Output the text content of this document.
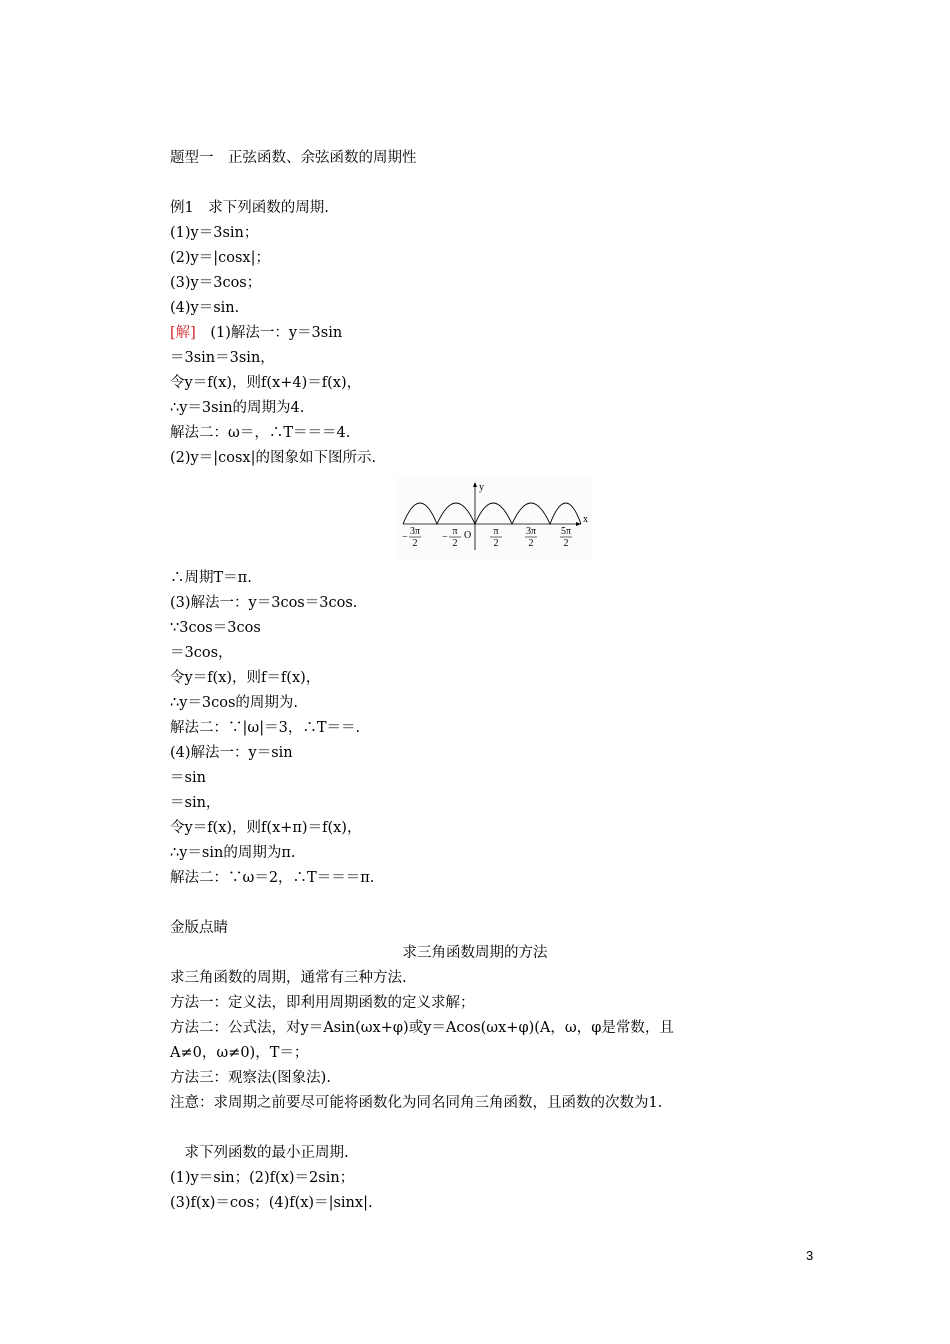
题型一　正弦函数、余弦函数的周期性
例1　求下列函数的周期.
(1)y＝3sin；
(2)y＝|cosx|；
(3)y＝3cos；
(4)y＝sin.
[解]　(1)解法一：y＝3sin
＝3sin＝3sin，
令y＝f(x)，则f(x+4)＝f(x)，
∴y＝3sin的周期为4.
解法二：ω＝，∴T＝＝＝4.
(2)y＝|cosx|的图象如下图所示.
x
y
O
−
3π
2
−
π
2
π
2
3π
2
5π
2
∴周期T＝π.
(3)解法一：y＝3cos＝3cos.
∵3cos＝3cos
＝3cos，
令y＝f(x)，则f＝f(x)，
∴y＝3cos的周期为.
解法二：∵|ω|＝3，∴T＝＝.
(4)解法一：y＝sin
＝sin
＝sin，
令y＝f(x)，则f(x+π)＝f(x)，
∴y＝sin的周期为π.
解法二：∵ω＝2，∴T＝＝＝π.
金版点睛
求三角函数周期的方法
求三角函数的周期，通常有三种方法.
方法一：定义法，即利用周期函数的定义求解；
方法二：公式法，对y＝Asin(ωx+φ)或y＝Acos(ωx+φ)(A，ω，φ是常数，且
A≠0，ω≠0)，T＝；
方法三：观察法(图象法).
注意：求周期之前要尽可能将函数化为同名同角三角函数，且函数的次数为1.
　求下列函数的最小正周期.
(1)y＝sin；(2)f(x)＝2sin；
(3)f(x)＝cos；(4)f(x)＝|sinx|.
3
